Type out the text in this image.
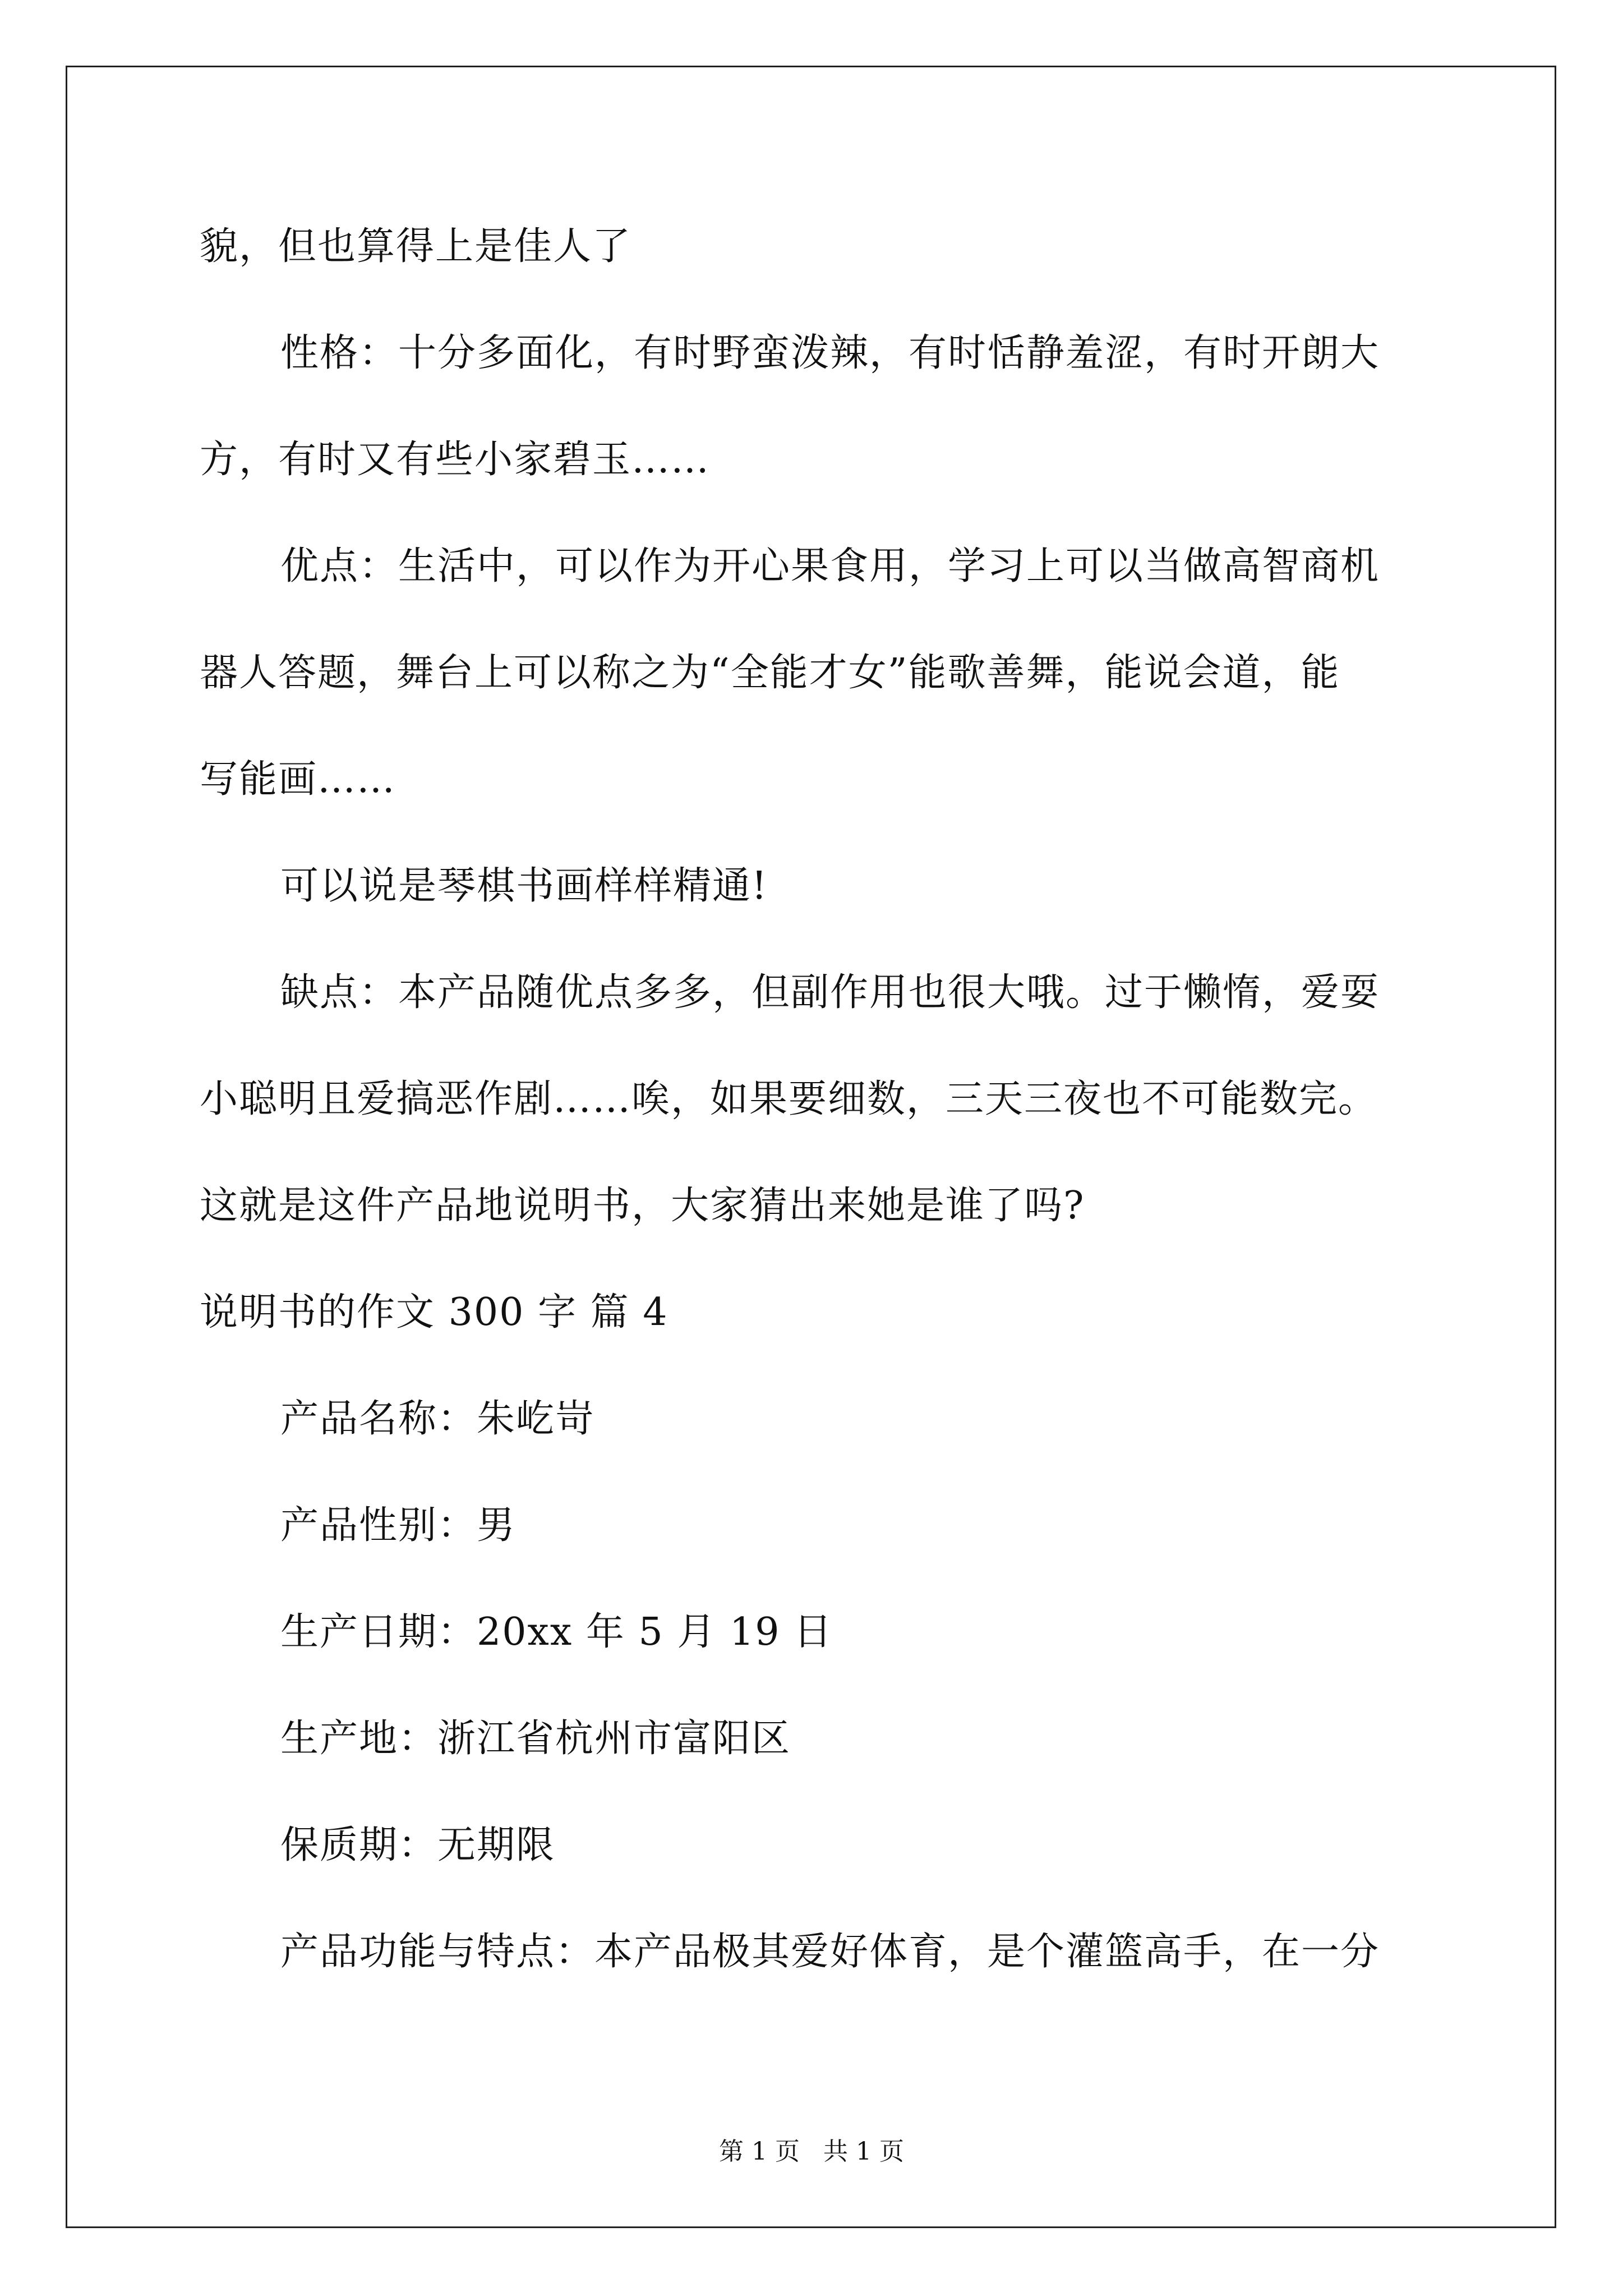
貌，但也算得上是佳人了
性格：十分多面化，有时野蛮泼辣，有时恬静羞涩，有时开朗大
方，有时又有些小家碧玉……
优点：生活中，可以作为开心果食用，学习上可以当做高智商机
器人答题，舞台上可以称之为“全能才女”能歌善舞，能说会道，能
写能画……
可以说是琴棋书画样样精通!
缺点：本产品随优点多多，但副作用也很大哦。过于懒惰，爱耍
小聪明且爱搞恶作剧……唉，如果要细数，三天三夜也不可能数完。
这就是这件产品地说明书，大家猜出来她是谁了吗?
说明书的作文 300 字 篇 4
产品名称：朱屹岢
产品性别：男
生产日期：20xx 年 5 月 19 日
生产地：浙江省杭州市富阳区
保质期：无期限
产品功能与特点：本产品极其爱好体育，是个灌篮高手，在一分
第 1 页   共 1 页
